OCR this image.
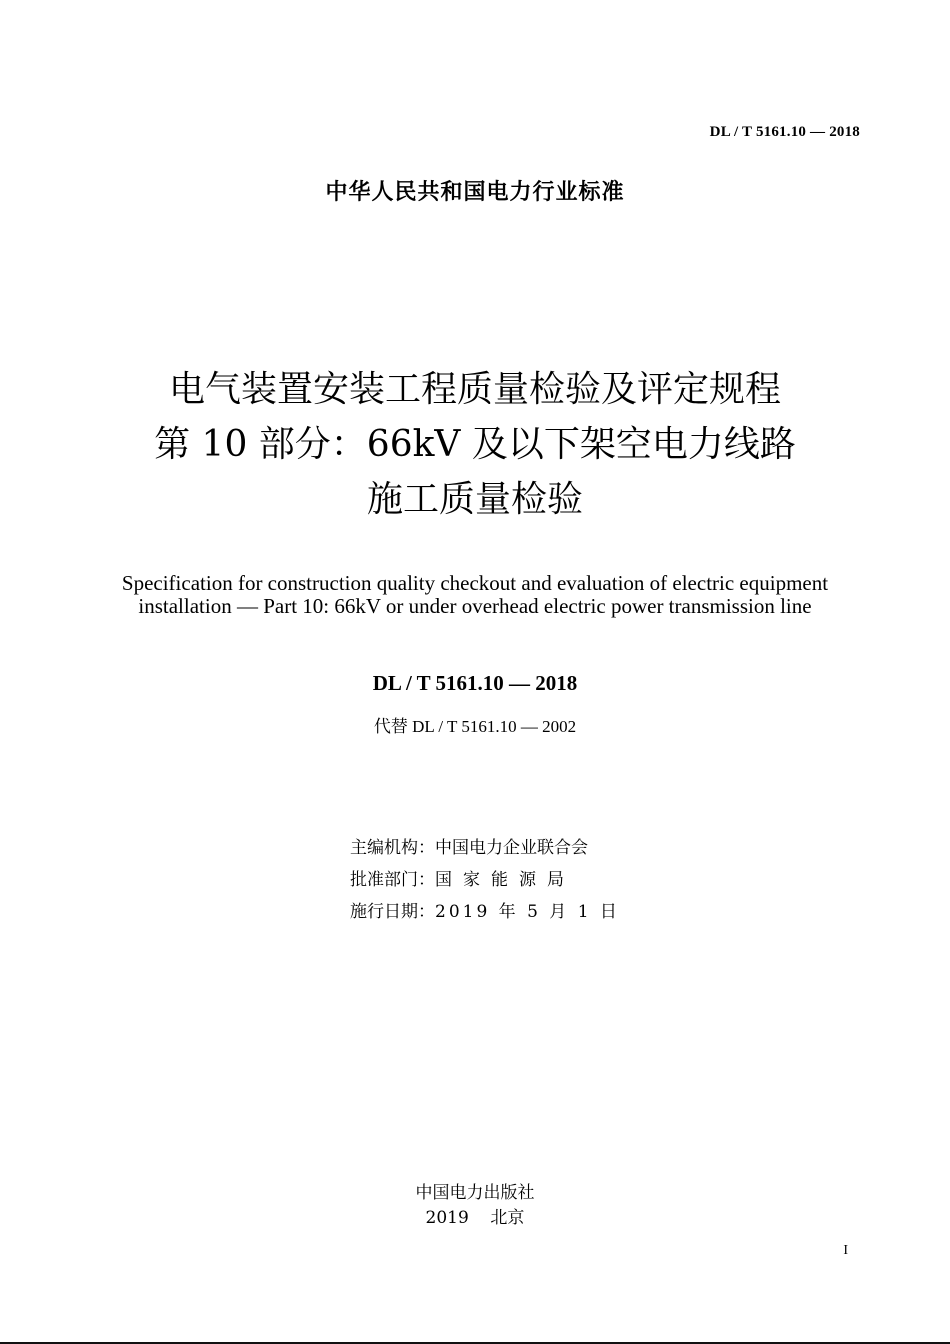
DL / T 5161.10 — 2018
中华人民共和国电力行业标准
电气装置安装工程质量检验及评定规程
第 10 部分：66kV 及以下架空电力线路
施工质量检验
Specification for construction quality checkout and evaluation of electric equipment
installation — Part 10: 66kV or under overhead electric power transmission line
DL / T 5161.10 — 2018
代替 DL / T 5161.10 — 2002
主编机构：中国电力企业联合会
批准部门：国家能源局
施行日期：2019 年 5 月 1 日
中国电力出版社
2019    北京
I
